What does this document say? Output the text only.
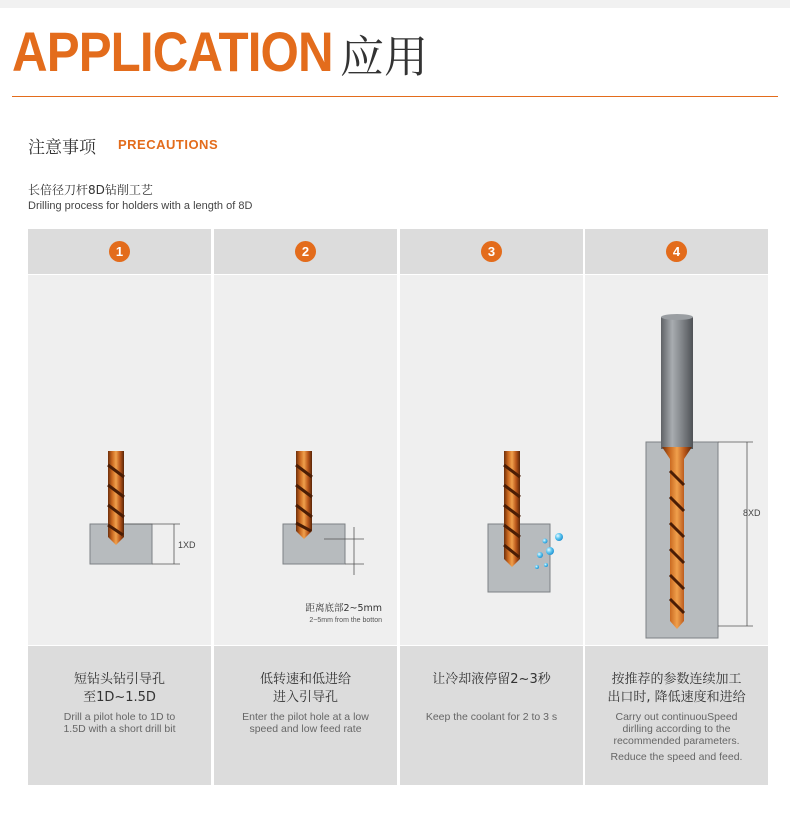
APPLICATION 应用
注意事项 PRECAUTIONS
长倍径刀杆8D钻削工艺
Drilling process for holders with a length of 8D
1
1XD
短钻头钻引导孔
至1D~1.5D
Drill a pilot hole to 1D to
1.5D with a short drill bit
2
距离底部2~5mm
2~5mm from the botton
低转速和低进给
进入引导孔
Enter the pilot hole at a low
speed and low feed rate
3
让冷却液停留2~3秒
Keep the coolant for 2 to 3 s
4
8XD
按推荐的参数连续加工
出口时, 降低速度和进给
Carry out continuouSpeed
dirlling according to the
recommended parameters.
Reduce the speed and feed.
